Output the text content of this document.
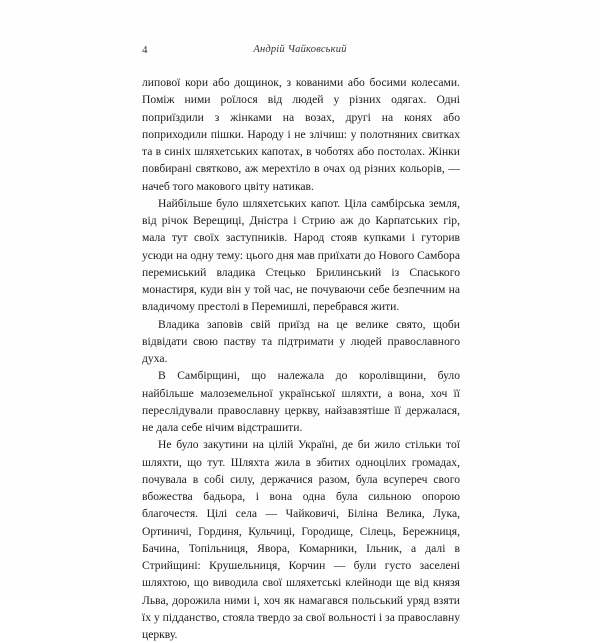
4	Андрій Чайковський

липової кори або дощинок, з кованими або босими колесами. Поміж ними роїлося від людей у різних одягах. Одні поприїздили з жінками на возах, другі на конях або поприходили пішки. Народу і не злічиш: у полотняних свитках та в синіх шляхетських капотах, в чоботях або постолах. Жінки повбирані святково, аж мерехтіло в очах од різних кольорів, — начеб того макового цвіту натикав.

Найбільше було шляхетських капот. Ціла самбірська земля, від річок Верещиці, Дністра і Стрию аж до Карпатських гір, мала тут своїх заступників. Народ стояв купками і гуторив усюди на одну тему: цього дня мав приїхати до Нового Самбора перемиський владика Стецько Брилинський із Спаського монастиря, куди він у той час, не почуваючи себе безпечним на владичому престолі в Перемишлі, перебрався жити.

Владика заповів свій приїзд на це велике свято, щоби відвідати свою паству та підтримати у людей православного духа.

В Самбірщині, що належала до королівщини, було найбільше малоземельної української шляхти, а вона, хоч її переслідували православну церкву, найзавзятіше її держалася, не дала себе нічим відстрашити.

Не було закутини на цілій Україні, де би жило стільки тої шляхти, що тут. Шляхта жила в збитих одноцілих громадах, почувала в собі силу, держачися разом, була всупереч свого вбожества бадьора, і вона одна була сильною опорою благочестя. Цілі села — Чайковичі, Біліна Велика, Лука, Ортиничі, Гординя, Кульчиці, Городище, Сілець, Бережниця, Бачина, Топільниця, Явора, Комарники, Ільник, а далі в Стрийщині: Крушельниця, Корчин — були густо заселені шляхтою, що виводила свої шляхетські клейноди ще від князя Льва, дорожила ними і, хоч як намагався польський уряд взяти їх у підданство, стояла твердо за свої вольності і за православну церкву.
